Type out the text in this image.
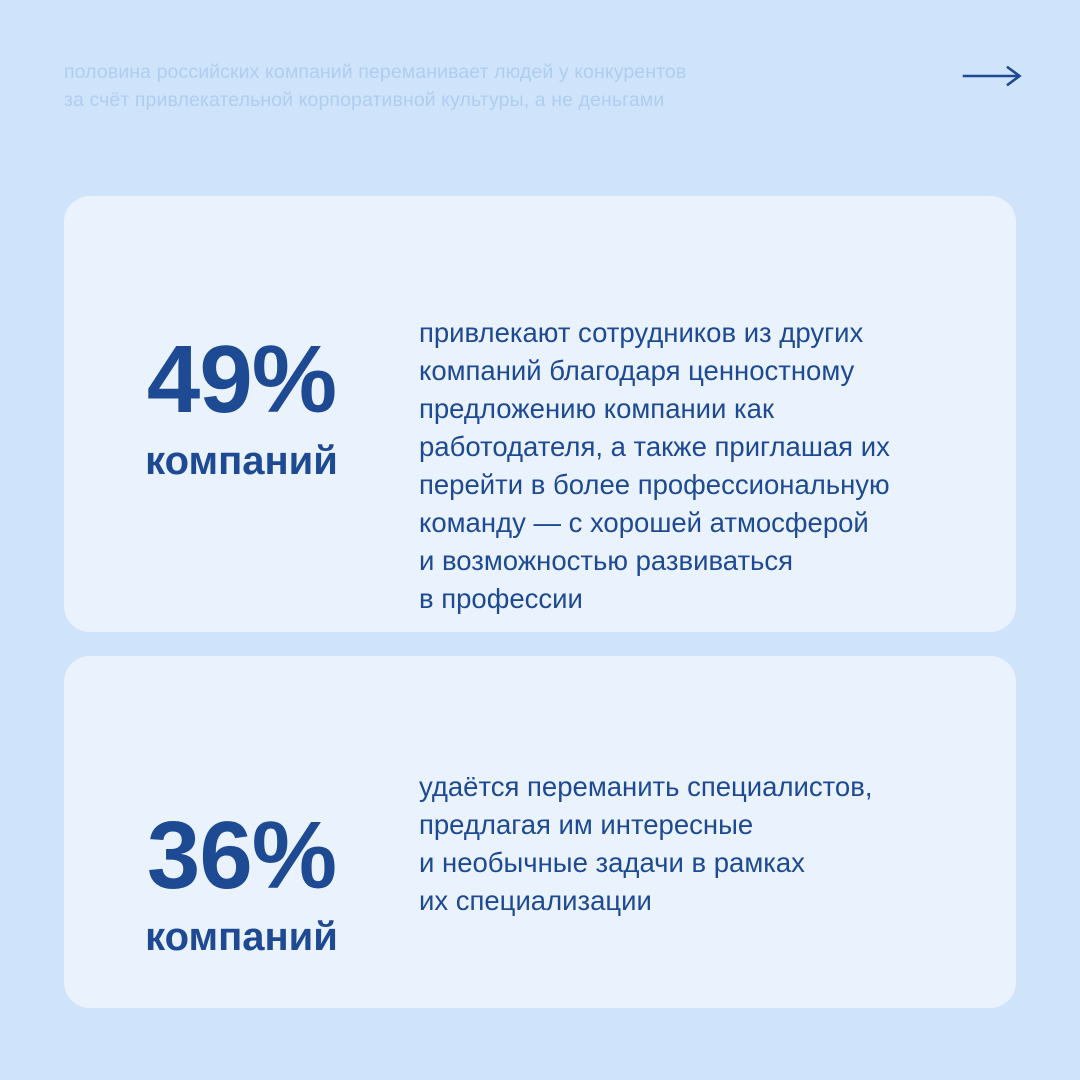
половина российских компаний переманивает людей у конкурентов
за счёт привлекательной корпоративной культуры, а не деньгами
49%
компаний
привлекают сотрудников из других
компаний благодаря ценностному
предложению компании как
работодателя, а также приглашая их
перейти в более профессиональную
команду — с хорошей атмосферой
и возможностью развиваться
в профессии
36%
компаний
удаётся переманить специалистов,
предлагая им интересные
и необычные задачи в рамках
их специализации
